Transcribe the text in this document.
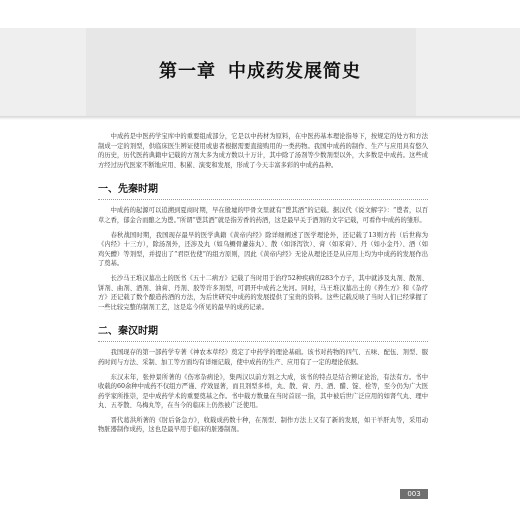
第一章 中成药发展简史

中成药是中医药学宝库中的重要组成部分，它是以中药材为原料，在中医药基本理论指导下，按规定的处方和方法制成一定的剂型，供临床医生辨证使用或患者根据需要直接购用的一类药物。我国中成药的制作、生产与应用具有悠久的历史，历代医药典籍中记载的方剂大多为成方数以十万计，其中除了汤剂等少数剂型以外，大多数是中成药。这些成方经过历代医家不断地应用、积累、演变和发展，形成了今天丰富多彩的中成药品种。

一、先秦时期

中成药的起源可以追溯到夏商时期，早在殷墟的甲骨文里就有“鬯其酒”的记载。据汉代《说文解字》：“鬯者，以百草之香，郁金合而酿之为鬯。”所谓“鬯其酒”就是指芳香的药酒，这是最早关于酒剂的文字记载，可看作中成药的雏形。

春秋战国时期，我国现存最早的医学典籍《黄帝内经》除详细阐述了医学理论外，还记载了13则方药（后世称为《内经》十三方），除汤剂外，还涉及丸（如乌鲗骨藘茹丸）、散（如泽泻饮）、膏（如豕膏）、丹（如小金丹）、酒（如鸡矢醴）等剂型，并提出了“君臣佐使”的组方原则，因此《黄帝内经》无论从理论还是从应用上均为中成药的发展作出了奠基。

长沙马王堆汉墓出土的医书《五十二病方》记载了当时用于治疗52种疾病的283个方子，其中就涉及丸剂、散剂、饼剂、曲剂、酒剂、油膏、丹剂、胶等许多剂型，可谓开中成药之先河。同时，马王堆汉墓出土的《养生方》和《杂疗方》还记载了数个酿造药酒的方法，为后世研究中成药的发展提供了宝贵的资料。这些记载反映了当时人们已经掌握了一些比较完整的制剂工艺，这是迄今所见的最早的成药记录。

二、秦汉时期

我国现存的第一部药学专著《神农本草经》奠定了中药学的理论基础。该书对药物的四气、五味、配伍、剂型、服药时间与方法、采制、加工等方面均有详细记载，使中成药的生产、应用有了一定的理论依据。

东汉末年，张仲景所著的《伤寒杂病论》，集两汉以前方剂之大成，该书的特点是结合辨证论治，有法有方。书中收载的60余种中成药不仅组方严谨、疗效显著，而且剂型多样，丸、散、膏、丹、酒、醋、锭、栓等，至今仍为广大医药学家所推崇，是中成药学术的重要奠基之作。书中载方数量在当时首屈一指，其中被后世广泛应用的如肾气丸、理中丸、五苓散、乌梅丸等，在当今的临床上仍然被广泛使用。

晋代葛洪所著的《肘后备急方》，收载成药数十种，在剂型、制作方法上又有了新的发展，如干羊肝丸等，采用动物脏器制作成药，这也是最早用于临床的脏器制剂。

003
